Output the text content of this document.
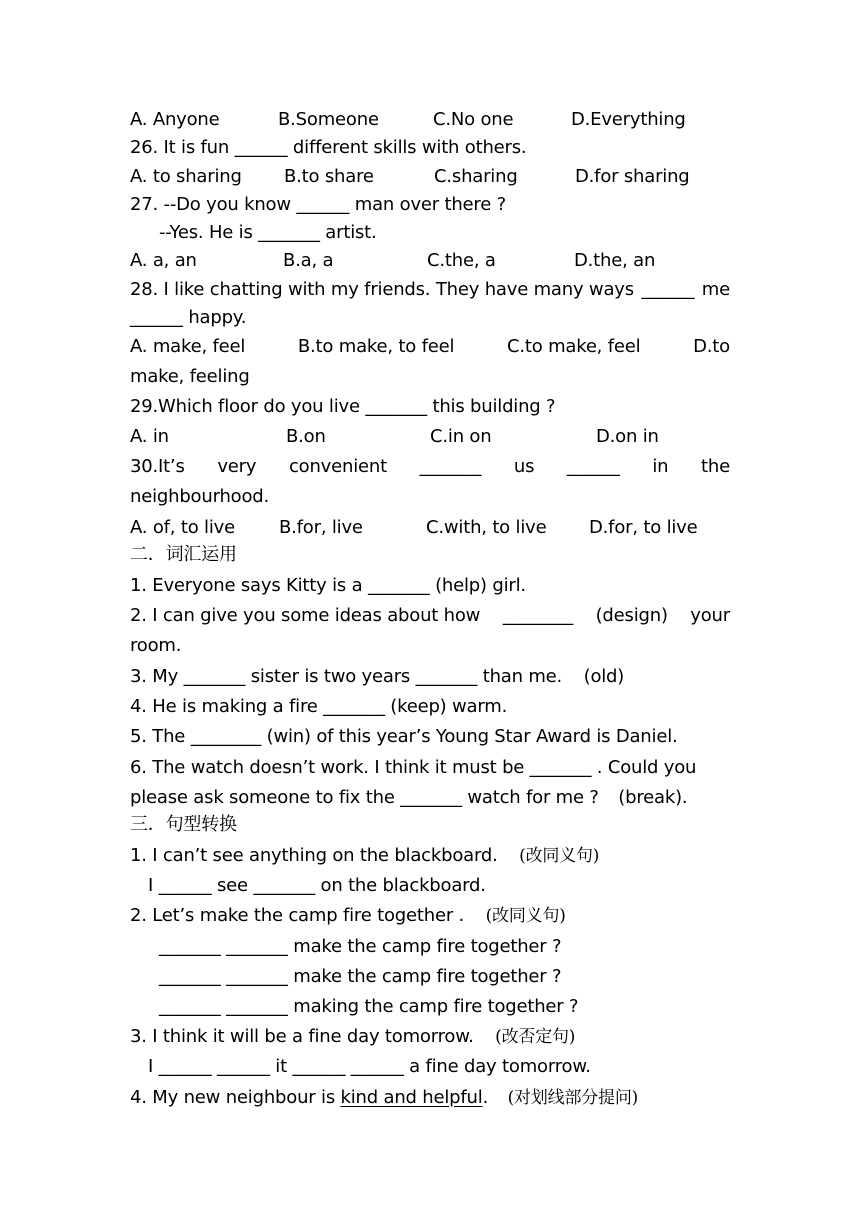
A. Anyone	B.Someone	C.No one	D.Everything
26. It is fun ______ different skills with others.
A. to sharing B.to share	C.sharing	D.for sharing
27. --Do you know ______ man over there ?
--Yes. He is _______ artist.
A. a, an	B.a, a	C.the, a	D.the, an
28. I like chatting with my friends. They have many ways ______ me
______ happy.
A. make, feel	B.to make, to feel	C.to make, feel	D.to
make, feeling
29.Which floor do you live _______ this building ?
A. in	B.on	C.in on	D.on in
30.It’s very convenient _______ us ______ in the
neighbourhood.
A. of, to live B.for, live	C.with, to live D.for, to live
二．词汇运用
1. Everyone says Kitty is a _______ (help) girl.
2. I can give you some ideas about how ________ (design) your
room.
3. My _______ sister is two years _______ than me. (old)
4. He is making a fire _______ (keep) warm.
5. The ________ (win) of this year’s Young Star Award is Daniel.
6. The watch doesn’t work. I think it must be _______ . Could you
please ask someone to fix the _______ watch for me ? (break).
三．句型转换
1. I can’t see anything on the blackboard. (改同义句)
I ______ see _______ on the blackboard.
2. Let’s make the camp fire together . (改同义句)
_______ _______ make the camp fire together ?
_______ _______ make the camp fire together ?
_______ _______ making the camp fire together ?
3. I think it will be a fine day tomorrow. (改否定句)
I ______ ______ it ______ ______ a fine day tomorrow.
4. My new neighbour is kind and helpful. (对划线部分提问)
